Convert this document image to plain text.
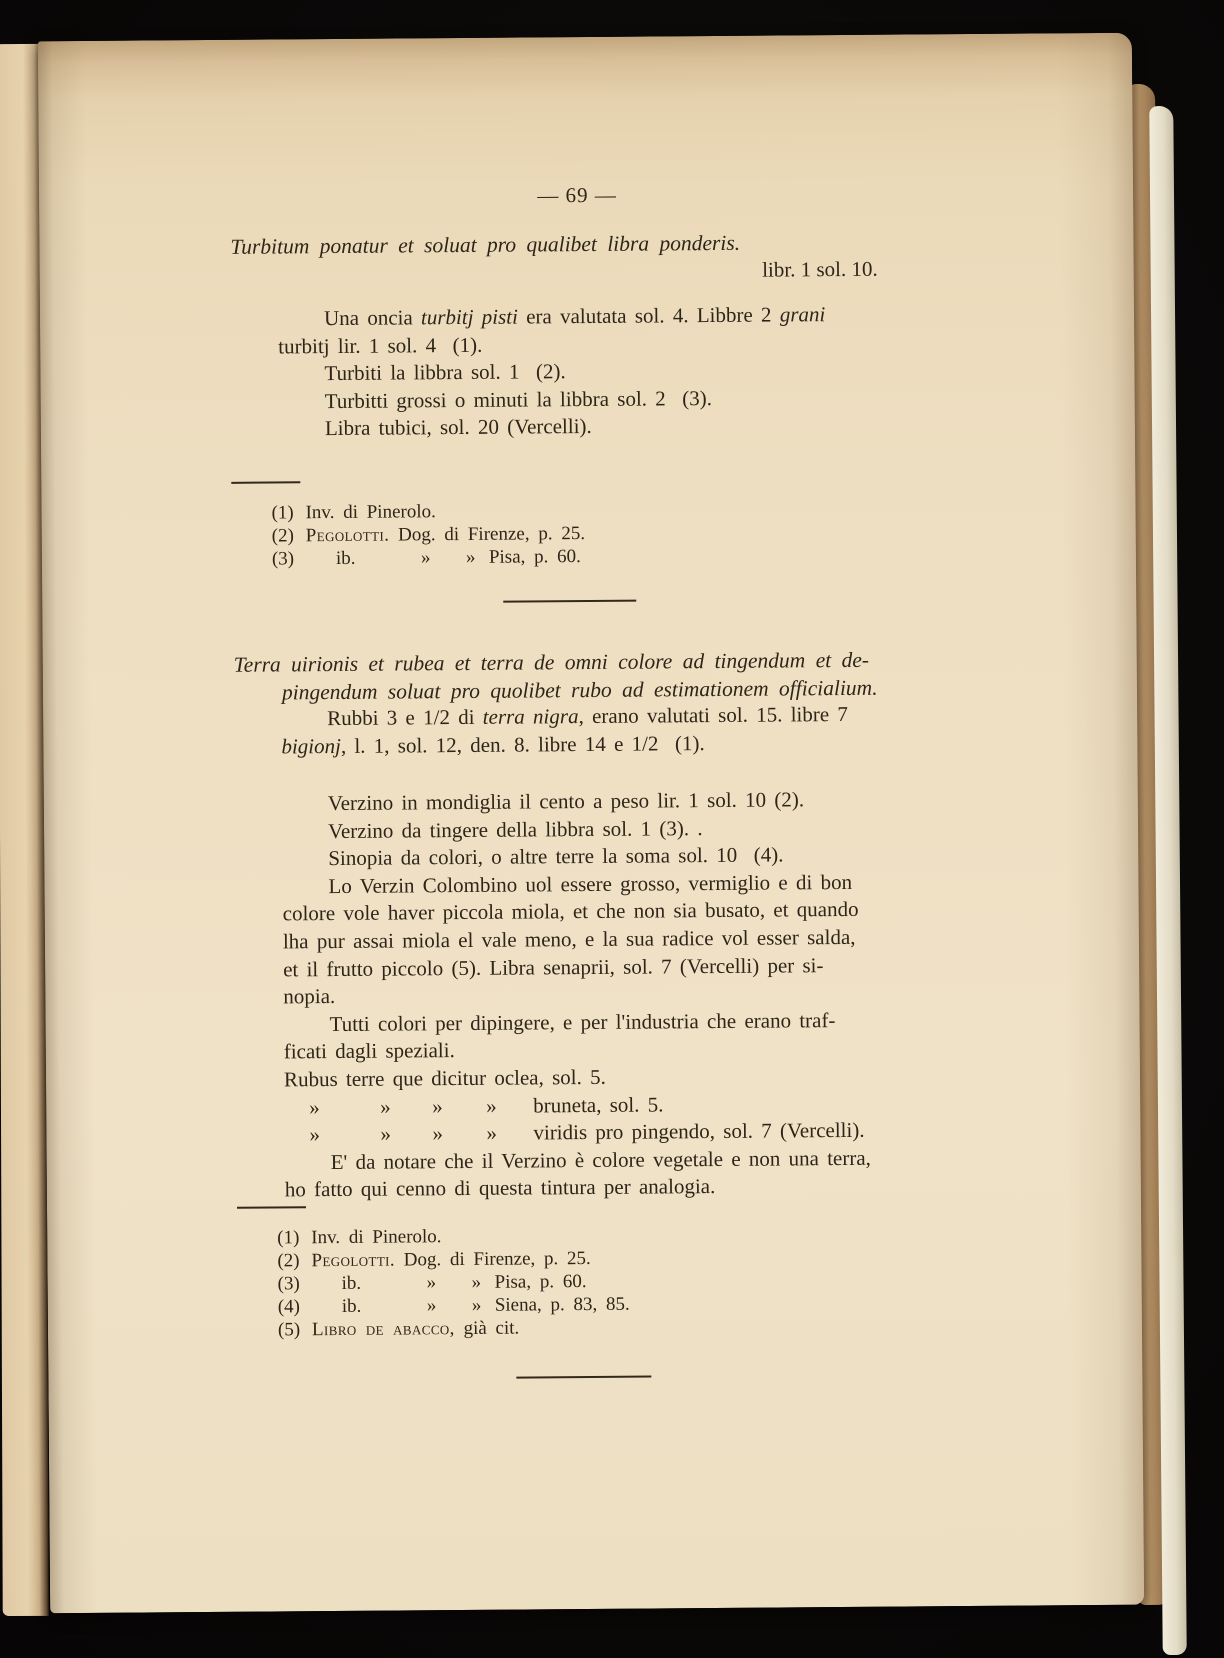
— 69 —
Turbitum ponatur et soluat pro qualibet libra ponderis.
libr. 1 sol. 10.
Una oncia turbitj pisti era valutata sol. 4. Libbre 2 grani
turbitj lir. 1 sol. 4  (1).
Turbiti la libbra sol. 1  (2).
Turbitti grossi o minuti la libbra sol. 2  (3).
Libra tubici, sol. 20 (Vercelli).
(1) Inv. di Pinerolo.
(2) Pegolotti. Dog. di Firenze, p. 25.
(3) ib.	» » Pisa, p. 60.
Terra uirionis et rubea et terra de omni colore ad tingendum et de-
pingendum soluat pro quolibet rubo ad estimationem officialium.
Rubbi 3 e 1/2 di terra nigra, erano valutati sol. 15. libre 7
bigionj, l. 1, sol. 12, den. 8. libre 14 e 1/2  (1).
Verzino in mondiglia il cento a peso lir. 1 sol. 10 (2).
Verzino da tingere della libbra sol. 1 (3). .
Sinopia da colori, o altre terre la soma sol. 10  (4).
Lo Verzin Colombino uol essere grosso, vermiglio e di bon
colore vole haver piccola miola, et che non sia busato, et quando
lha pur assai miola el vale meno, e la sua radice vol esser salda,
et il frutto piccolo (5). Libra senaprii, sol. 7 (Vercelli) per si-
nopia.
Tutti colori per dipingere, e per l'industria che erano traf-
ficati dagli speziali.
Rubus terre que dicitur oclea, sol. 5.
»	» » » bruneta, sol. 5.
»	» » » viridis pro pingendo, sol. 7 (Vercelli).
E' da notare che il Verzino è colore vegetale e non una terra,
ho fatto qui cenno di questa tintura per analogia.
(1) Inv. di Pinerolo.
(2) Pegolotti. Dog. di Firenze, p. 25.
(3) ib.	» » Pisa, p. 60.
(4) ib.	» » Siena, p. 83, 85.
(5) Libro de abacco, già cit.
